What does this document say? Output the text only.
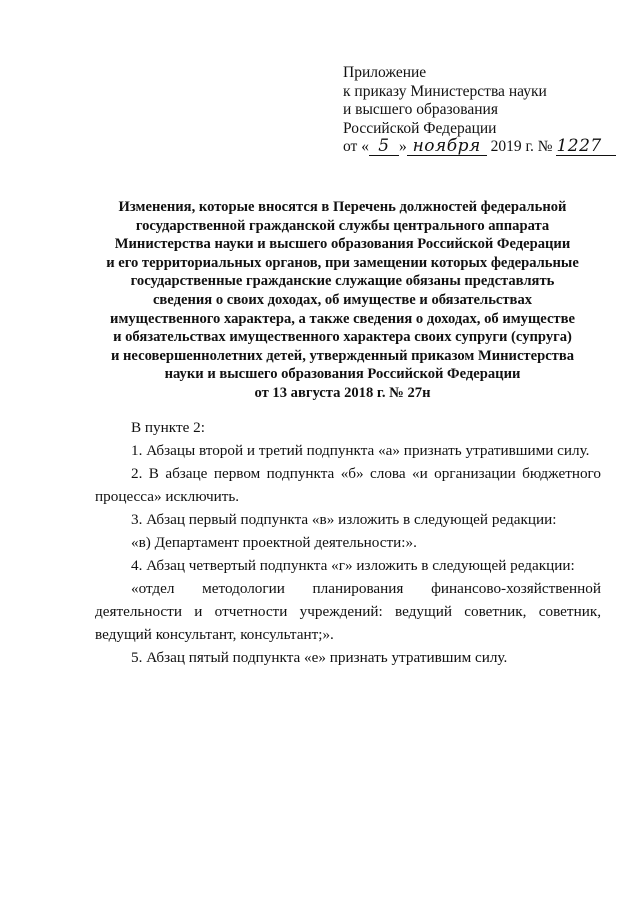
Приложение
к приказу Министерства науки
и высшего образования
Российской Федерации
от « 5 » ноября 2019 г. № 1227
Изменения, которые вносятся в Перечень должностей федеральной
государственной гражданской службы центрального аппарата
Министерства науки и высшего образования Российской Федерации
и его территориальных органов, при замещении которых федеральные
государственные гражданские служащие обязаны представлять
сведения о своих доходах, об имуществе и обязательствах
имущественного характера, а также сведения о доходах, об имуществе
и обязательствах имущественного характера своих супруги (супруга)
и несовершеннолетних детей, утвержденный приказом Министерства
науки и высшего образования Российской Федерации
от 13 августа 2018 г. № 27н
В пункте 2:
1. Абзацы второй и третий подпункта «а» признать утратившими силу.
2. В абзаце первом подпункта «б» слова «и организации бюджетного процесса» исключить.
3. Абзац первый подпункта «в» изложить в следующей редакции:
«в) Департамент проектной деятельности:».
4. Абзац четвертый подпункта «г» изложить в следующей редакции:
«отдел методологии планирования финансово-хозяйственной деятельности и отчетности учреждений: ведущий советник, советник, ведущий консультант, консультант;».
5. Абзац пятый подпункта «е» признать утратившим силу.
